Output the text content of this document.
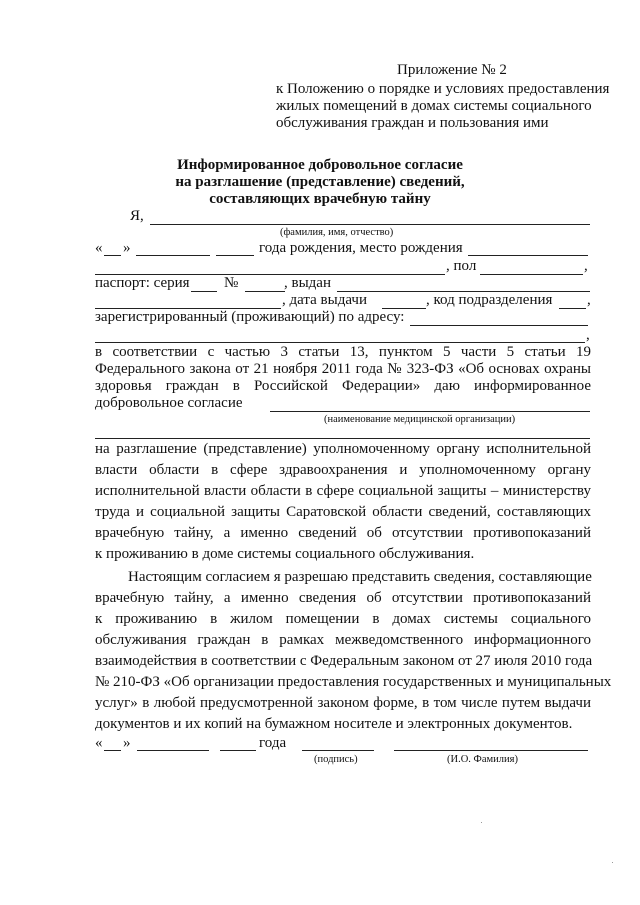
Приложение № 2
к Положению о порядке и условиях предоставления
жилых помещений в домах системы социального
обслуживания граждан и пользования ими
Информированное добровольное согласие
на разглашение (представление) сведений,
составляющих врачебную тайну
Я,
(фамилия, имя, отчество)
« »	года рождения, место рождения
, пол	,
паспорт: серия №	, выдан
, дата выдачи	, код подразделения ,
зарегистрированный (проживающий) по адресу:
,
в соответствии с частью 3 статьи 13, пунктом 5 части 5 статьи 19
Федерального закона от 21 ноября 2011 года № 323-ФЗ «Об основах охраны
здоровья граждан в Российской Федерации» даю информированное
добровольное согласие
(наименование медицинской организации)
на разглашение (представление) уполномоченному органу исполнительной
власти области в сфере здравоохранения и уполномоченному органу
исполнительной власти области в сфере социальной защиты – министерству
труда и социальной защиты Саратовской области сведений, составляющих
врачебную тайну, а именно сведений об отсутствии противопоказаний
к проживанию в доме системы социального обслуживания.
Настоящим согласием я разрешаю представить сведения, составляющие
врачебную тайну, а именно сведения об отсутствии противопоказаний
к проживанию в жилом помещении в домах системы социального
обслуживания граждан в рамках межведомственного информационного
взаимодействия в соответствии с Федеральным законом от 27 июля 2010 года
№ 210-ФЗ «Об организации предоставления государственных и муниципальных
услуг» в любой предусмотренной законом форме, в том числе путем выдачи
документов и их копий на бумажном носителе и электронных документов.
« »	года
(подпись)	(И.О. Фамилия)
